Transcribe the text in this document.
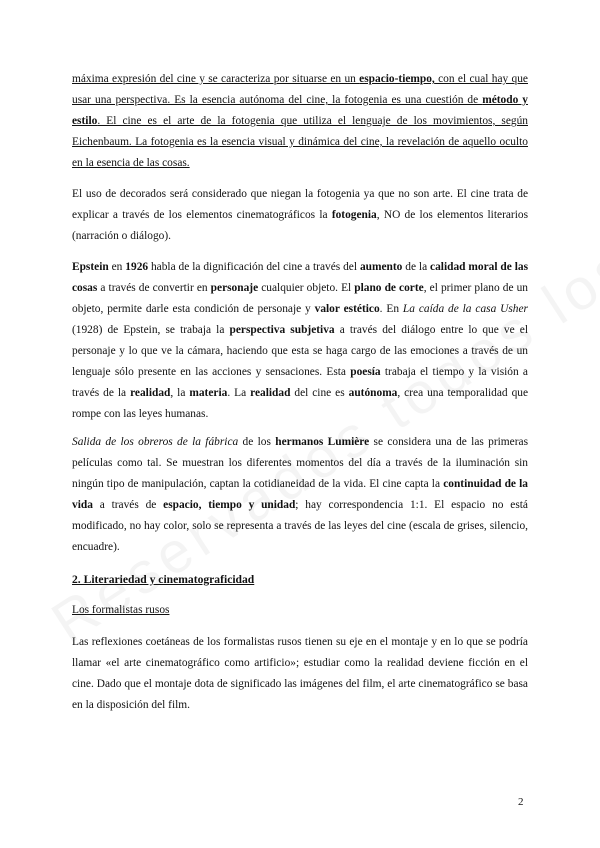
máxima expresión del cine y se caracteriza por situarse en un espacio-tiempo, con el cual hay que usar una perspectiva. Es la esencia autónoma del cine, la fotogenia es una cuestión de método y estilo. El cine es el arte de la fotogenia que utiliza el lenguaje de los movimientos, según Eichenbaum. La fotogenia es la esencia visual y dinámica del cine, la revelación de aquello oculto en la esencia de las cosas.

El uso de decorados será considerado que niegan la fotogenia ya que no son arte. El cine trata de explicar a través de los elementos cinematográficos la fotogenia, NO de los elementos literarios (narración o diálogo).

Epstein en 1926 habla de la dignificación del cine a través del aumento de la calidad moral de las cosas a través de convertir en personaje cualquier objeto. El plano de corte, el primer plano de un objeto, permite darle esta condición de personaje y valor estético. En La caída de la casa Usher (1928) de Epstein, se trabaja la perspectiva subjetiva a través del diálogo entre lo que ve el personaje y lo que ve la cámara, haciendo que esta se haga cargo de las emociones a través de un lenguaje sólo presente en las acciones y sensaciones. Esta poesía trabaja el tiempo y la visión a través de la realidad, la materia. La realidad del cine es autónoma, crea una temporalidad que rompe con las leyes humanas.

Salida de los obreros de la fábrica de los hermanos Lumière se considera una de las primeras películas como tal. Se muestran los diferentes momentos del día a través de la iluminación sin ningún tipo de manipulación, captan la cotidianeidad de la vida. El cine capta la continuidad de la vida a través de espacio, tiempo y unidad; hay correspondencia 1:1. El espacio no está modificado, no hay color, solo se representa a través de las leyes del cine (escala de grises, silencio, encuadre).

2. Literariedad y cinematograficidad
Los formalistas rusos

Las reflexiones coetáneas de los formalistas rusos tienen su eje en el montaje y en lo que se podría llamar «el arte cinematográfico como artificio»; estudiar como la realidad deviene ficción en el cine. Dado que el montaje dota de significado las imágenes del film, el arte cinematográfico se basa en la disposición del film.

2
